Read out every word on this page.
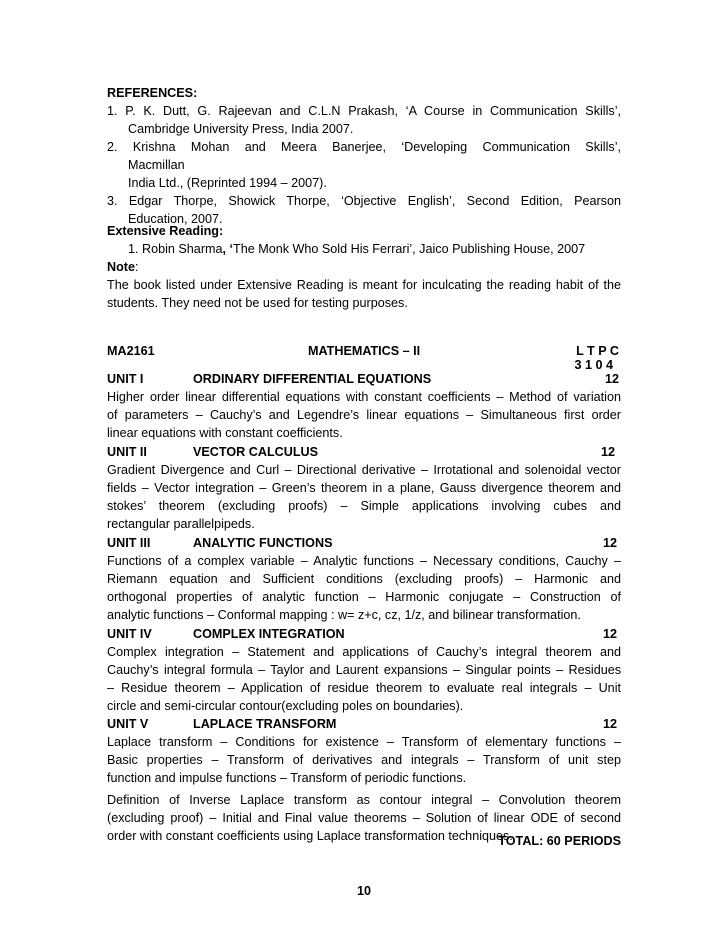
REFERENCES:
1. P. K. Dutt, G. Rajeevan and C.L.N Prakash, ‘A Course in Communication Skills’,
Cambridge University Press, India 2007.
2. Krishna Mohan and Meera Banerjee, ‘Developing Communication Skills’,
Macmillan
India Ltd., (Reprinted 1994 – 2007).
3. Edgar Thorpe, Showick Thorpe, ‘Objective English’, Second Edition, Pearson
Education, 2007.
Extensive Reading:
1. Robin Sharma, ‘The Monk Who Sold His Ferrari’, Jaico Publishing House, 2007
Note:
The book listed under Extensive Reading is meant for inculcating the reading habit of the
students. They need not be used for testing purposes.
MA2161	MATHEMATICS – II	L T P C
3 1 0 4
UNIT I	ORDINARY DIFFERENTIAL EQUATIONS	12
Higher order linear differential equations with constant coefficients – Method of variation
of parameters – Cauchy’s and Legendre’s linear equations – Simultaneous first order
linear equations with constant coefficients.
UNIT II	VECTOR CALCULUS	12
Gradient Divergence and Curl – Directional derivative – Irrotational and solenoidal vector
fields – Vector integration – Green’s theorem in a plane, Gauss divergence theorem and
stokes’ theorem (excluding proofs) – Simple applications involving cubes and
rectangular parallelpipeds.
UNIT III	ANALYTIC FUNCTIONS	12
Functions of a complex variable – Analytic functions – Necessary conditions, Cauchy –
Riemann equation and Sufficient conditions (excluding proofs) – Harmonic and
orthogonal properties of analytic function – Harmonic conjugate – Construction of
analytic functions – Conformal mapping : w= z+c, cz, 1/z, and bilinear transformation.
UNIT IV	COMPLEX INTEGRATION	12
Complex integration – Statement and applications of Cauchy’s integral theorem and
Cauchy’s integral formula – Taylor and Laurent expansions – Singular points – Residues
– Residue theorem – Application of residue theorem to evaluate real integrals – Unit
circle and semi-circular contour(excluding poles on boundaries).
UNIT V	LAPLACE TRANSFORM	12
Laplace transform – Conditions for existence – Transform of elementary functions –
Basic properties – Transform of derivatives and integrals – Transform of unit step
function and impulse functions – Transform of periodic functions.
Definition of Inverse Laplace transform as contour integral – Convolution theorem
(excluding proof) – Initial and Final value theorems – Solution of linear ODE of second
order with constant coefficients using Laplace transformation techniques.
TOTAL: 60 PERIODS
10
